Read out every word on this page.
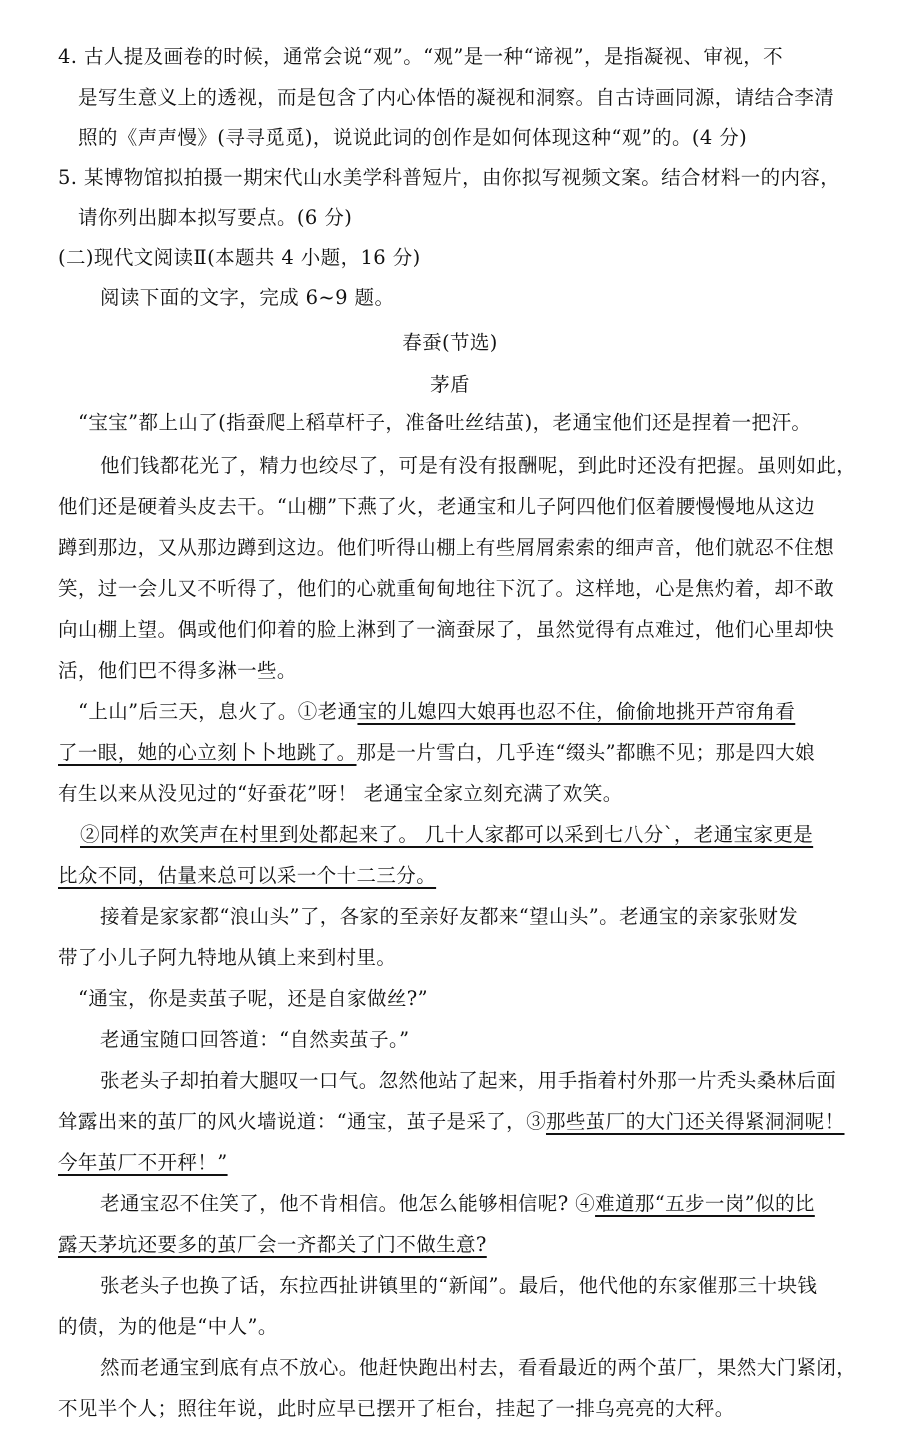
4. 古人提及画卷的时候，通常会说“观”。“观”是一种“谛视”，是指凝视、审视，不
是写生意义上的透视，而是包含了内心体悟的凝视和洞察。自古诗画同源，请结合李清
照的《声声慢》(寻寻觅觅)，说说此词的创作是如何体现这种“观”的。(4 分)
5. 某博物馆拟拍摄一期宋代山水美学科普短片，由你拟写视频文案。结合材料一的内容，
请你列出脚本拟写要点。(6 分)
(二)现代文阅读Ⅱ(本题共 4 小题，16 分)
阅读下面的文字，完成 6~9 题。
春蚕(节选)
茅盾
“宝宝”都上山了(指蚕爬上稻草杆子，准备吐丝结茧)，老通宝他们还是捏着一把汗。
他们钱都花光了，精力也绞尽了，可是有没有报酬呢，到此时还没有把握。虽则如此，
他们还是硬着头皮去干。“山棚”下燕了火，老通宝和儿子阿四他们伛着腰慢慢地从这边
蹲到那边，又从那边蹲到这边。他们听得山棚上有些屑屑索索的细声音，他们就忍不住想
笑，过一会儿又不听得了，他们的心就重甸甸地往下沉了。这样地，心是焦灼着，却不敢
向山棚上望。偶或他们仰着的脸上淋到了一滴蚕尿了，虽然觉得有点难过，他们心里却快
活，他们巴不得多淋一些。
“上山”后三天，息火了。①老通宝的儿媳四大娘再也忍不住，偷偷地挑开芦帘角看
了一眼，她的心立刻卜卜地跳了。那是一片雪白，几乎连“缀头”都瞧不见；那是四大娘
有生以来从没见过的“好蚕花”呀！ 老通宝全家立刻充满了欢笑。
②同样的欢笑声在村里到处都起来了。 几十人家都可以采到七八分`，老通宝家更是
比众不同，估量来总可以采一个十二三分。
接着是家家都“浪山头”了，各家的至亲好友都来“望山头”。老通宝的亲家张财发
带了小儿子阿九特地从镇上来到村里。
“通宝，你是卖茧子呢，还是自家做丝?”
老通宝随口回答道：“自然卖茧子。”
张老头子却拍着大腿叹一口气。忽然他站了起来，用手指着村外那一片秃头桑林后面
耸露出来的茧厂的风火墙说道：“通宝，茧子是采了，③那些茧厂的大门还关得紧洞洞呢！
今年茧厂不开秤！”
老通宝忍不住笑了，他不肯相信。他怎么能够相信呢? ④难道那“五步一岗”似的比
露天茅坑还要多的茧厂会一齐都关了门不做生意?
张老头子也换了话，东拉西扯讲镇里的“新闻”。最后，他代他的东家催那三十块钱
的债，为的他是“中人”。
然而老通宝到底有点不放心。他赶快跑出村去，看看最近的两个茧厂，果然大门紧闭，
不见半个人；照往年说，此时应早已摆开了柜台，挂起了一排乌亮亮的大秤。
